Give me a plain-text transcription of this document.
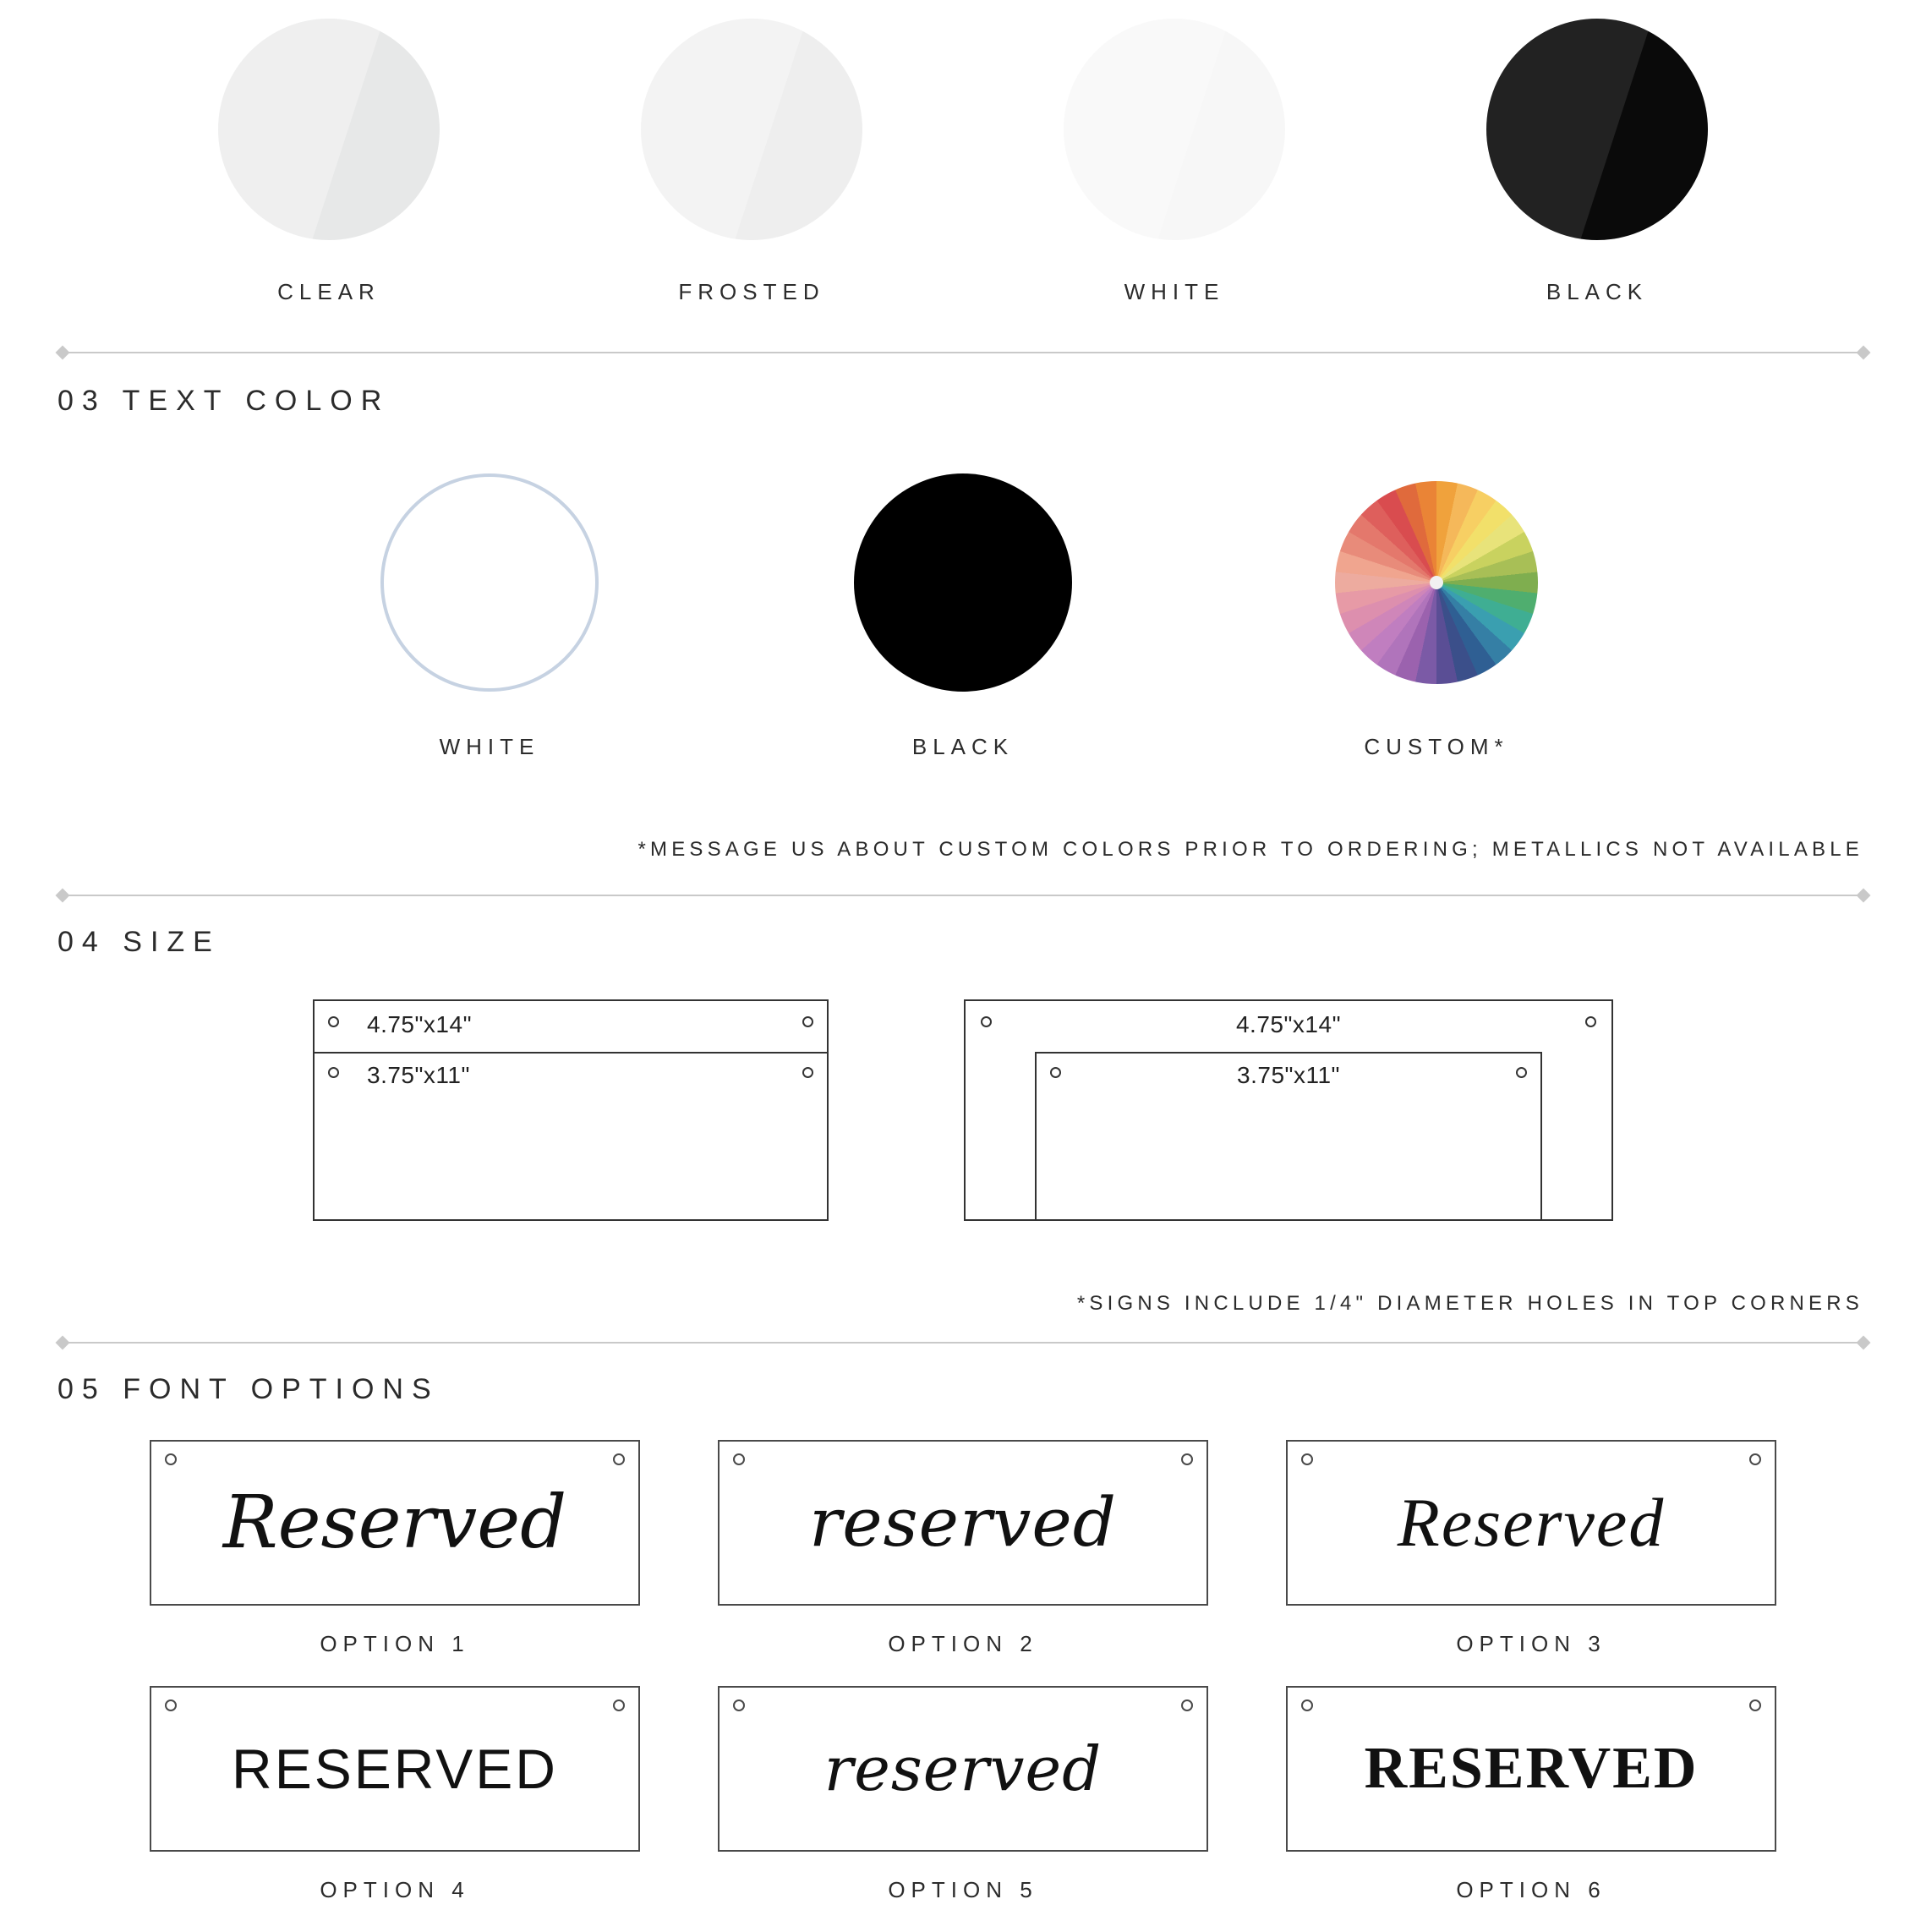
CLEAR	FROSTED	WHITE	BLACK
03 TEXT COLOR
WHITE	BLACK	CUSTOM*
*MESSAGE US ABOUT CUSTOM COLORS PRIOR TO ORDERING; METALLICS NOT AVAILABLE
04 SIZE
4.75"x14"
3.75"x11"
4.75"x14"
3.75"x11"
*SIGNS INCLUDE 1/4" DIAMETER HOLES IN TOP CORNERS
05 FONT OPTIONS
Reserved
OPTION 1
reserved
OPTION 2
Reserved
OPTION 3
RESERVED
OPTION 4
reserved
OPTION 5
RESERVED
OPTION 6
